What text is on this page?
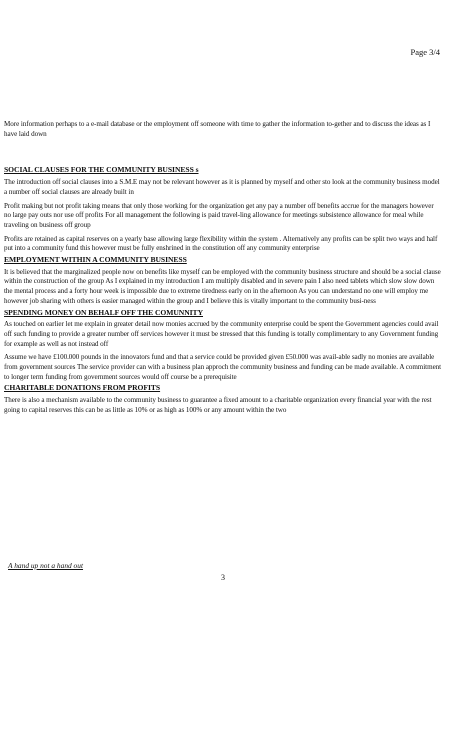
Page 3/4

More information perhaps to a e-mail database or the employment off someone with time to gather the information to-gether and to discuss the ideas as I have laid down

SOCIAL CLAUSES FOR THE COMMUNITY BUSINESS s

The introduction off social clauses into a S.M.E may not be relevant however as it is planned by myself and other sto look at the community business model a number off social clauses are already built in

Profit making but not profit taking means that only those working for the organization get any pay a number off benefits accrue for the managers however no large pay outs nor use off profits For all management the following is paid travel-ling allowance for meetings subsistence allowance for meal while traveling on business off group

Profits are retained as capital reserves on a yearly base allowing large flexibility within the system . Alternatively any profits can be split two ways and half put into a community fund this however must be fully enshrined in the constitution off any community enterprise

EMPLOYMENT WITHIN A COMMUNITY BUSINESS

It is believed that the marginalized people now on benefits like myself can be employed with the community business structure and should be a social clause within the construction of the group As I explained in my introduction I am multiply disabled and in severe pain I also need tablets which slow slow down the mental process and a forty hour week is impossible due to extreme tiredness early on in the afternoon As you can understand no one will employ me however job sharing with others is easier managed within the group and I believe this is vitally important to the community busi-ness

SPENDING MONEY ON BEHALF OFF THE COMUNNITY

As touched on earlier let me explain in greater detail now monies accrued by the community enterprise could be spent the Government agencies could avail off such funding to provide a greater number off services however it must be stressed that this funding is totally complimentary to any Government funding for example as well as not instead off

Assume we have £100.000 pounds in the innovators fund and that a service could be provided given £50.000 was avail-able sadly no monies are available from government sources The service provider can with a business plan approch the community business and funding can be made available. A commitment to longer term funding from government sources would off course be a prerequisite

CHARITABLE DONATIONS FROM PROFITS

There is also a mechanism available to the community business to guarantee a fixed amount to a charitable organization every financial year with the rest going to capital reserves this can be as little as 10% or as high as 100% or any amount within the two

A hand up not a hand out
3
